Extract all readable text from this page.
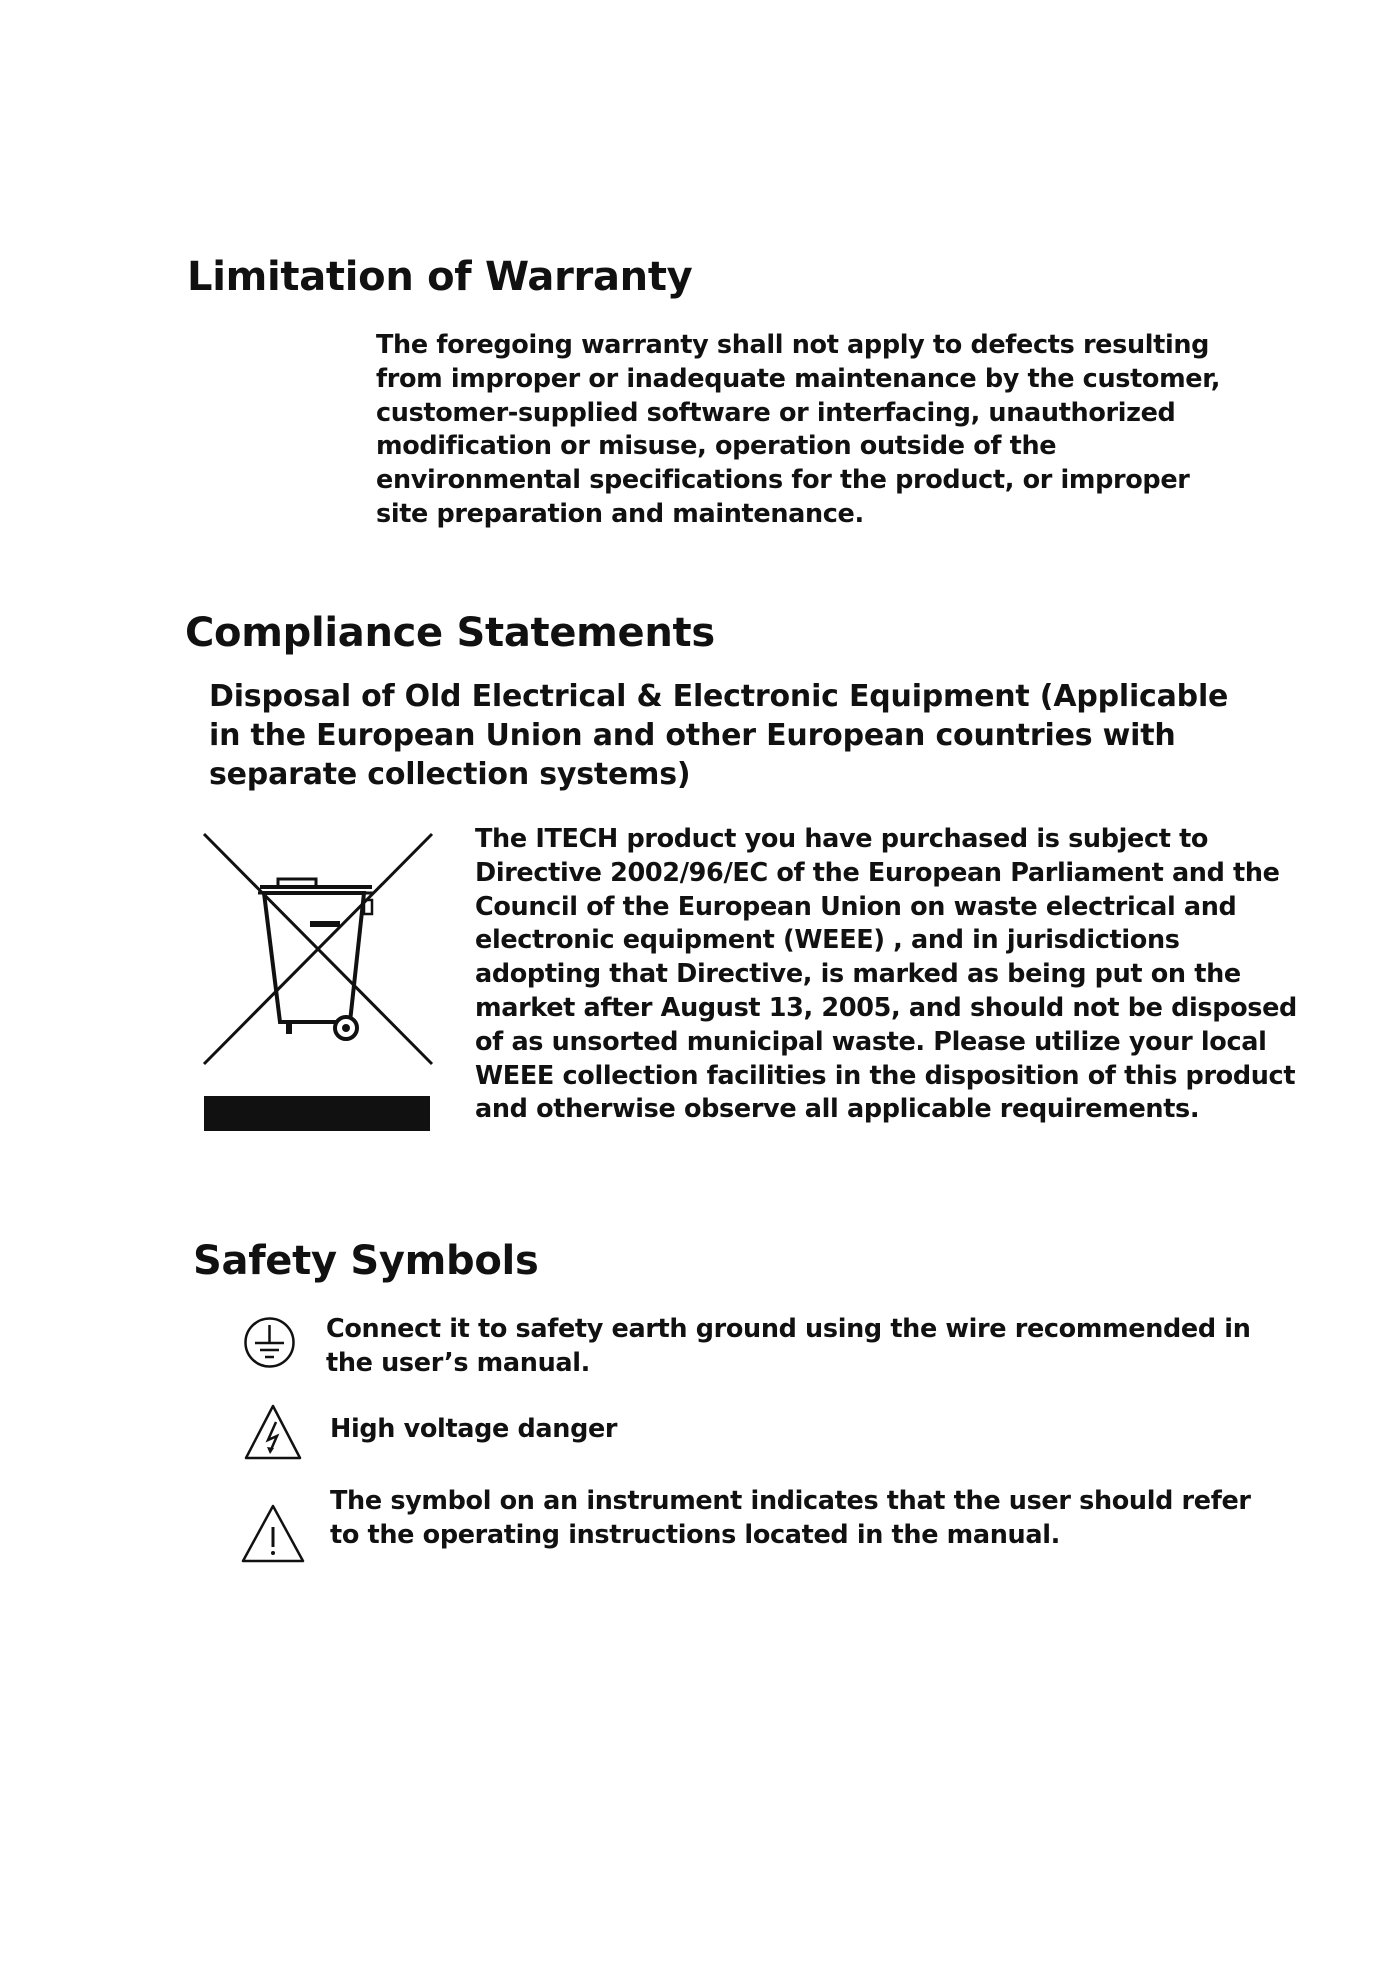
Limitation of Warranty

The foregoing warranty shall not apply to defects resulting from improper or inadequate maintenance by the customer, customer-supplied software or interfacing, unauthorized modification or misuse, operation outside of the environmental specifications for the product, or improper site preparation and maintenance.

Compliance Statements
Disposal of Old Electrical & Electronic Equipment (Applicable in the European Union and other European countries with separate collection systems)

The ITECH product you have purchased is subject to Directive 2002/96/EC of the European Parliament and the Council of the European Union on waste electrical and electronic equipment (WEEE) , and in jurisdictions adopting that Directive, is marked as being put on the market after August 13, 2005, and should not be disposed of as unsorted municipal waste. Please utilize your local WEEE collection facilities in the disposition of this product and otherwise observe all applicable requirements.

Safety Symbols

Connect it to safety earth ground using the wire recommended in the user’s manual.

High voltage danger

The symbol on an instrument indicates that the user should refer to the operating instructions located in the manual.
